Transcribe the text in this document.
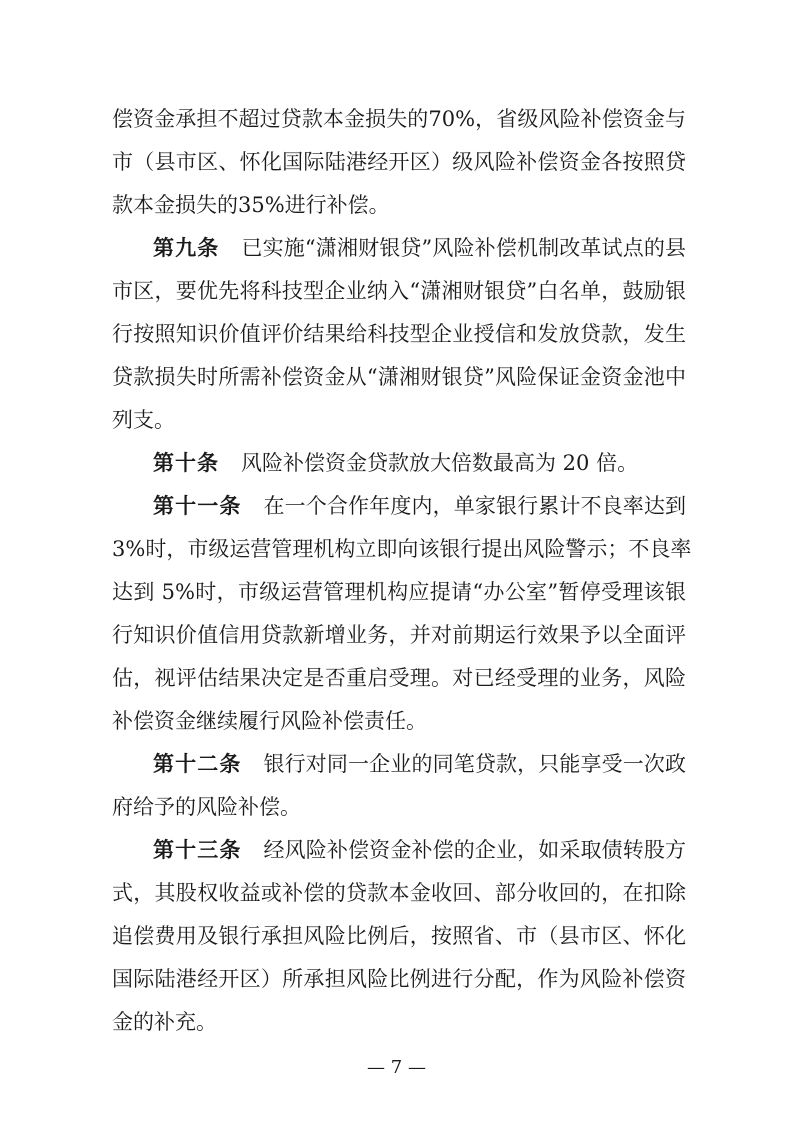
偿资金承担不超过贷款本金损失的70%，省级风险补偿资金与
市（县市区、怀化国际陆港经开区）级风险补偿资金各按照贷
款本金损失的35%进行补偿。
第九条 已实施“潇湘财银贷”风险补偿机制改革试点的县
市区，要优先将科技型企业纳入“潇湘财银贷”白名单，鼓励银
行按照知识价值评价结果给科技型企业授信和发放贷款，发生
贷款损失时所需补偿资金从“潇湘财银贷”风险保证金资金池中
列支。
第十条 风险补偿资金贷款放大倍数最高为 20 倍。
第十一条 在一个合作年度内，单家银行累计不良率达到
3%时，市级运营管理机构立即向该银行提出风险警示；不良率
达到 5%时，市级运营管理机构应提请“办公室”暂停受理该银
行知识价值信用贷款新增业务，并对前期运行效果予以全面评
估，视评估结果决定是否重启受理。对已经受理的业务，风险
补偿资金继续履行风险补偿责任。
第十二条 银行对同一企业的同笔贷款，只能享受一次政
府给予的风险补偿。
第十三条 经风险补偿资金补偿的企业，如采取债转股方
式，其股权收益或补偿的贷款本金收回、部分收回的，在扣除
追偿费用及银行承担风险比例后，按照省、市（县市区、怀化
国际陆港经开区）所承担风险比例进行分配，作为风险补偿资
金的补充。
— 7 —
